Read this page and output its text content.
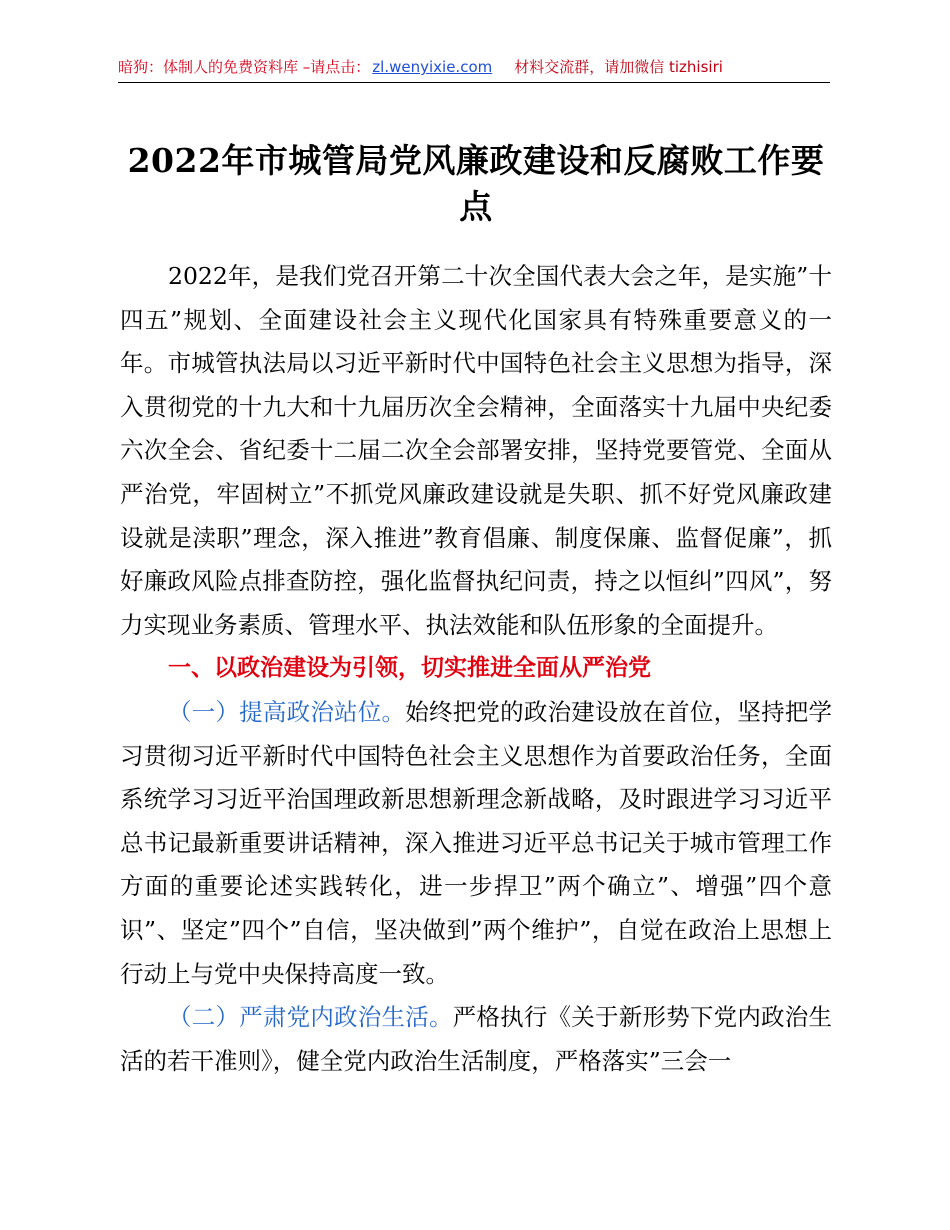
暗狗：体制人的免费资料库 –请点击： zl.wenyixie.com 材料交流群，请加微信 tizhisiri
2022年市城管局党风廉政建设和反腐败工作要点

2022年，是我们党召开第二十次全国代表大会之年，是实施”十四五”规划、全面建设社会主义现代化国家具有特殊重要意义的一年。市城管执法局以习近平新时代中国特色社会主义思想为指导，深入贯彻党的十九大和十九届历次全会精神，全面落实十九届中央纪委六次全会、省纪委十二届二次全会部署安排，坚持党要管党、全面从严治党，牢固树立”不抓党风廉政建设就是失职、抓不好党风廉政建设就是渎职”理念，深入推进”教育倡廉、制度保廉、监督促廉”，抓好廉政风险点排查防控，强化监督执纪问责，持之以恒纠”四风”，努力实现业务素质、管理水平、执法效能和队伍形象的全面提升。

一、以政治建设为引领，切实推进全面从严治党

（一）提高政治站位。始终把党的政治建设放在首位，坚持把学习贯彻习近平新时代中国特色社会主义思想作为首要政治任务，全面系统学习习近平治国理政新思想新理念新战略，及时跟进学习习近平总书记最新重要讲话精神，深入推进习近平总书记关于城市管理工作方面的重要论述实践转化，进一步捍卫”两个确立”、增强”四个意识”、坚定”四个”自信，坚决做到”两个维护”，自觉在政治上思想上行动上与党中央保持高度一致。

（二）严肃党内政治生活。严格执行《关于新形势下党内政治生活的若干准则》，健全党内政治生活制度，严格落实”三会一
